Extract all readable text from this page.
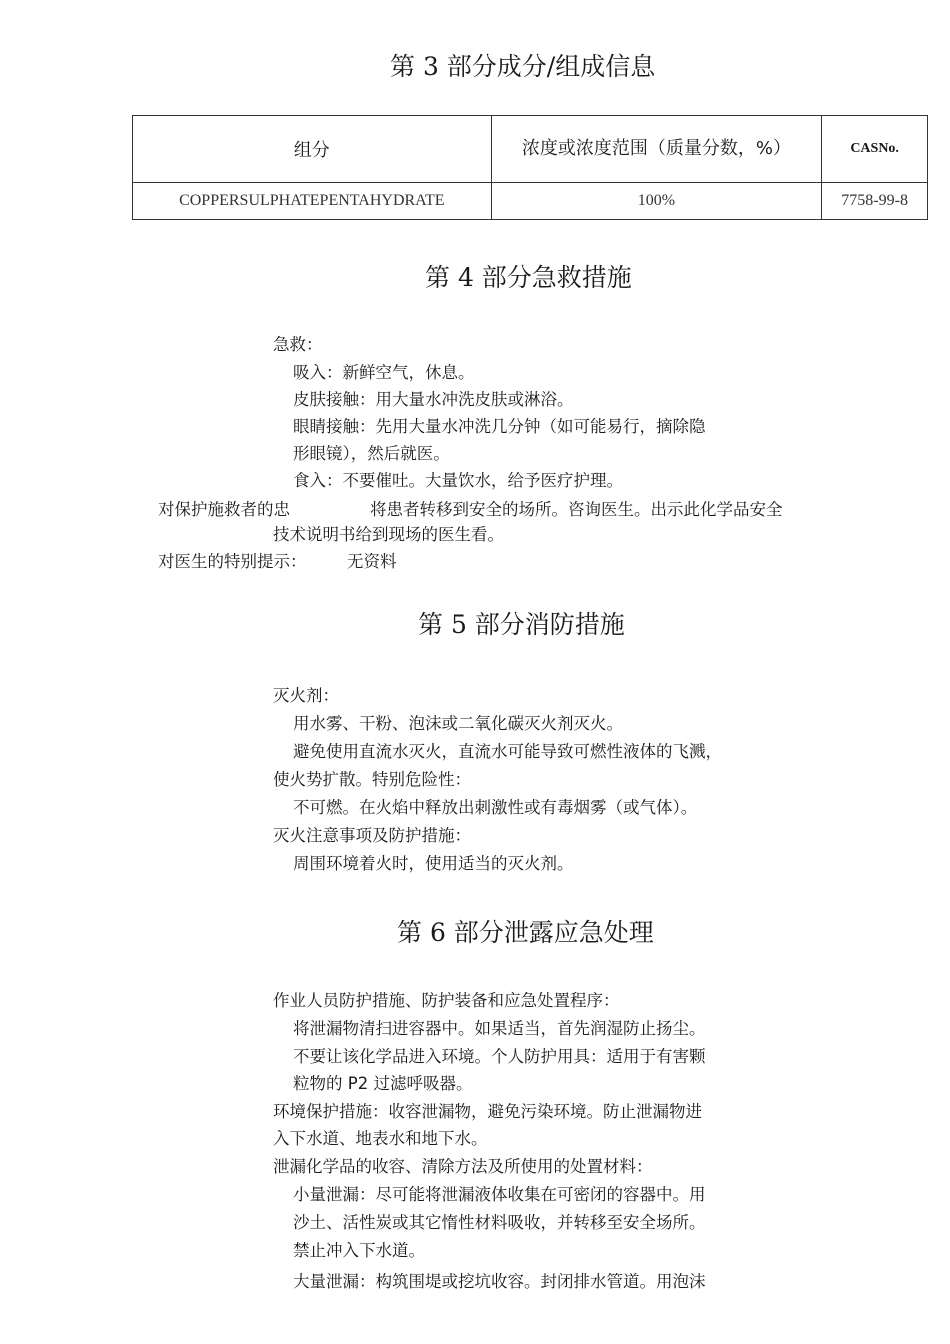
第 3 部分成分/组成信息
组分	浓度或浓度范围（质量分数，%）	CASNo.
COPPERSULPHATEPENTAHYDRATE	100%	7758-99-8
第 4 部分急救措施
急救：
吸入：新鲜空气，休息。
皮肤接触：用大量水冲洗皮肤或淋浴。
眼睛接触：先用大量水冲洗几分钟（如可能易行，摘除隐
形眼镜），然后就医。
食入：不要催吐。大量饮水，给予医疗护理。
对保护施救者的忠	将患者转移到安全的场所。咨询医生。出示此化学品安全
技术说明书给到现场的医生看。
对医生的特别提示： 无资料
第 5 部分消防措施
灭火剂：
用水雾、干粉、泡沫或二氧化碳灭火剂灭火。
避免使用直流水灭火，直流水可能导致可燃性液体的飞溅，
使火势扩散。特别危险性：
不可燃。在火焰中释放出刺激性或有毒烟雾（或气体）。
灭火注意事项及防护措施：
周围环境着火时，使用适当的灭火剂。
第 6 部分泄露应急处理
作业人员防护措施、防护装备和应急处置程序：
将泄漏物清扫进容器中。如果适当，首先润湿防止扬尘。
不要让该化学品进入环境。个人防护用具：适用于有害颗
粒物的 P2 过滤呼吸器。
环境保护措施：收容泄漏物，避免污染环境。防止泄漏物进
入下水道、地表水和地下水。
泄漏化学品的收容、清除方法及所使用的处置材料：
小量泄漏：尽可能将泄漏液体收集在可密闭的容器中。用
沙土、活性炭或其它惰性材料吸收，并转移至安全场所。
禁止冲入下水道。
大量泄漏：构筑围堤或挖坑收容。封闭排水管道。用泡沫
